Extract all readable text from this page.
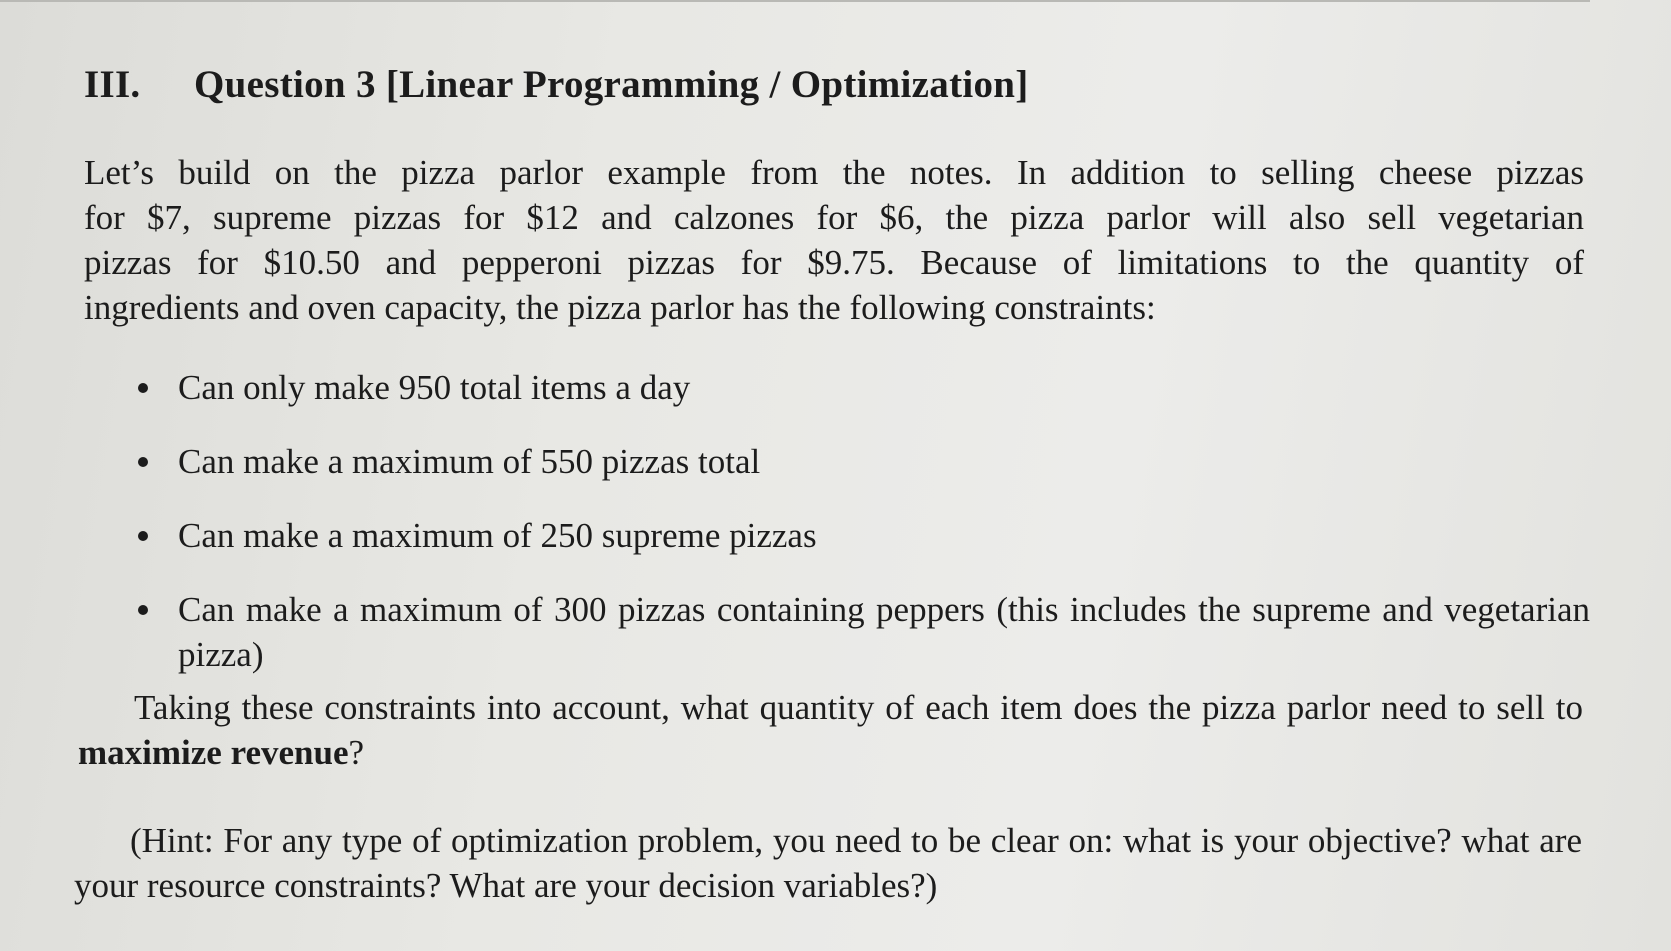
III. Question 3 [Linear Programming / Optimization]
Let’s build on the pizza parlor example from the notes. In addition to selling cheese pizzas
for $7, supreme pizzas for $12 and calzones for $6, the pizza parlor will also sell vegetarian
pizzas for $10.50 and pepperoni pizzas for $9.75. Because of limitations to the quantity of
ingredients and oven capacity, the pizza parlor has the following constraints:
Can only make 950 total items a day
Can make a maximum of 550 pizzas total
Can make a maximum of 250 supreme pizzas
Can make a maximum of 300 pizzas containing peppers (this includes the supreme and vegetarian pizza)
Taking these constraints into account, what quantity of each item does the pizza parlor need to sell to maximize revenue?
(Hint: For any type of optimization problem, you need to be clear on: what is your objective? what are your resource constraints? What are your decision variables?)
